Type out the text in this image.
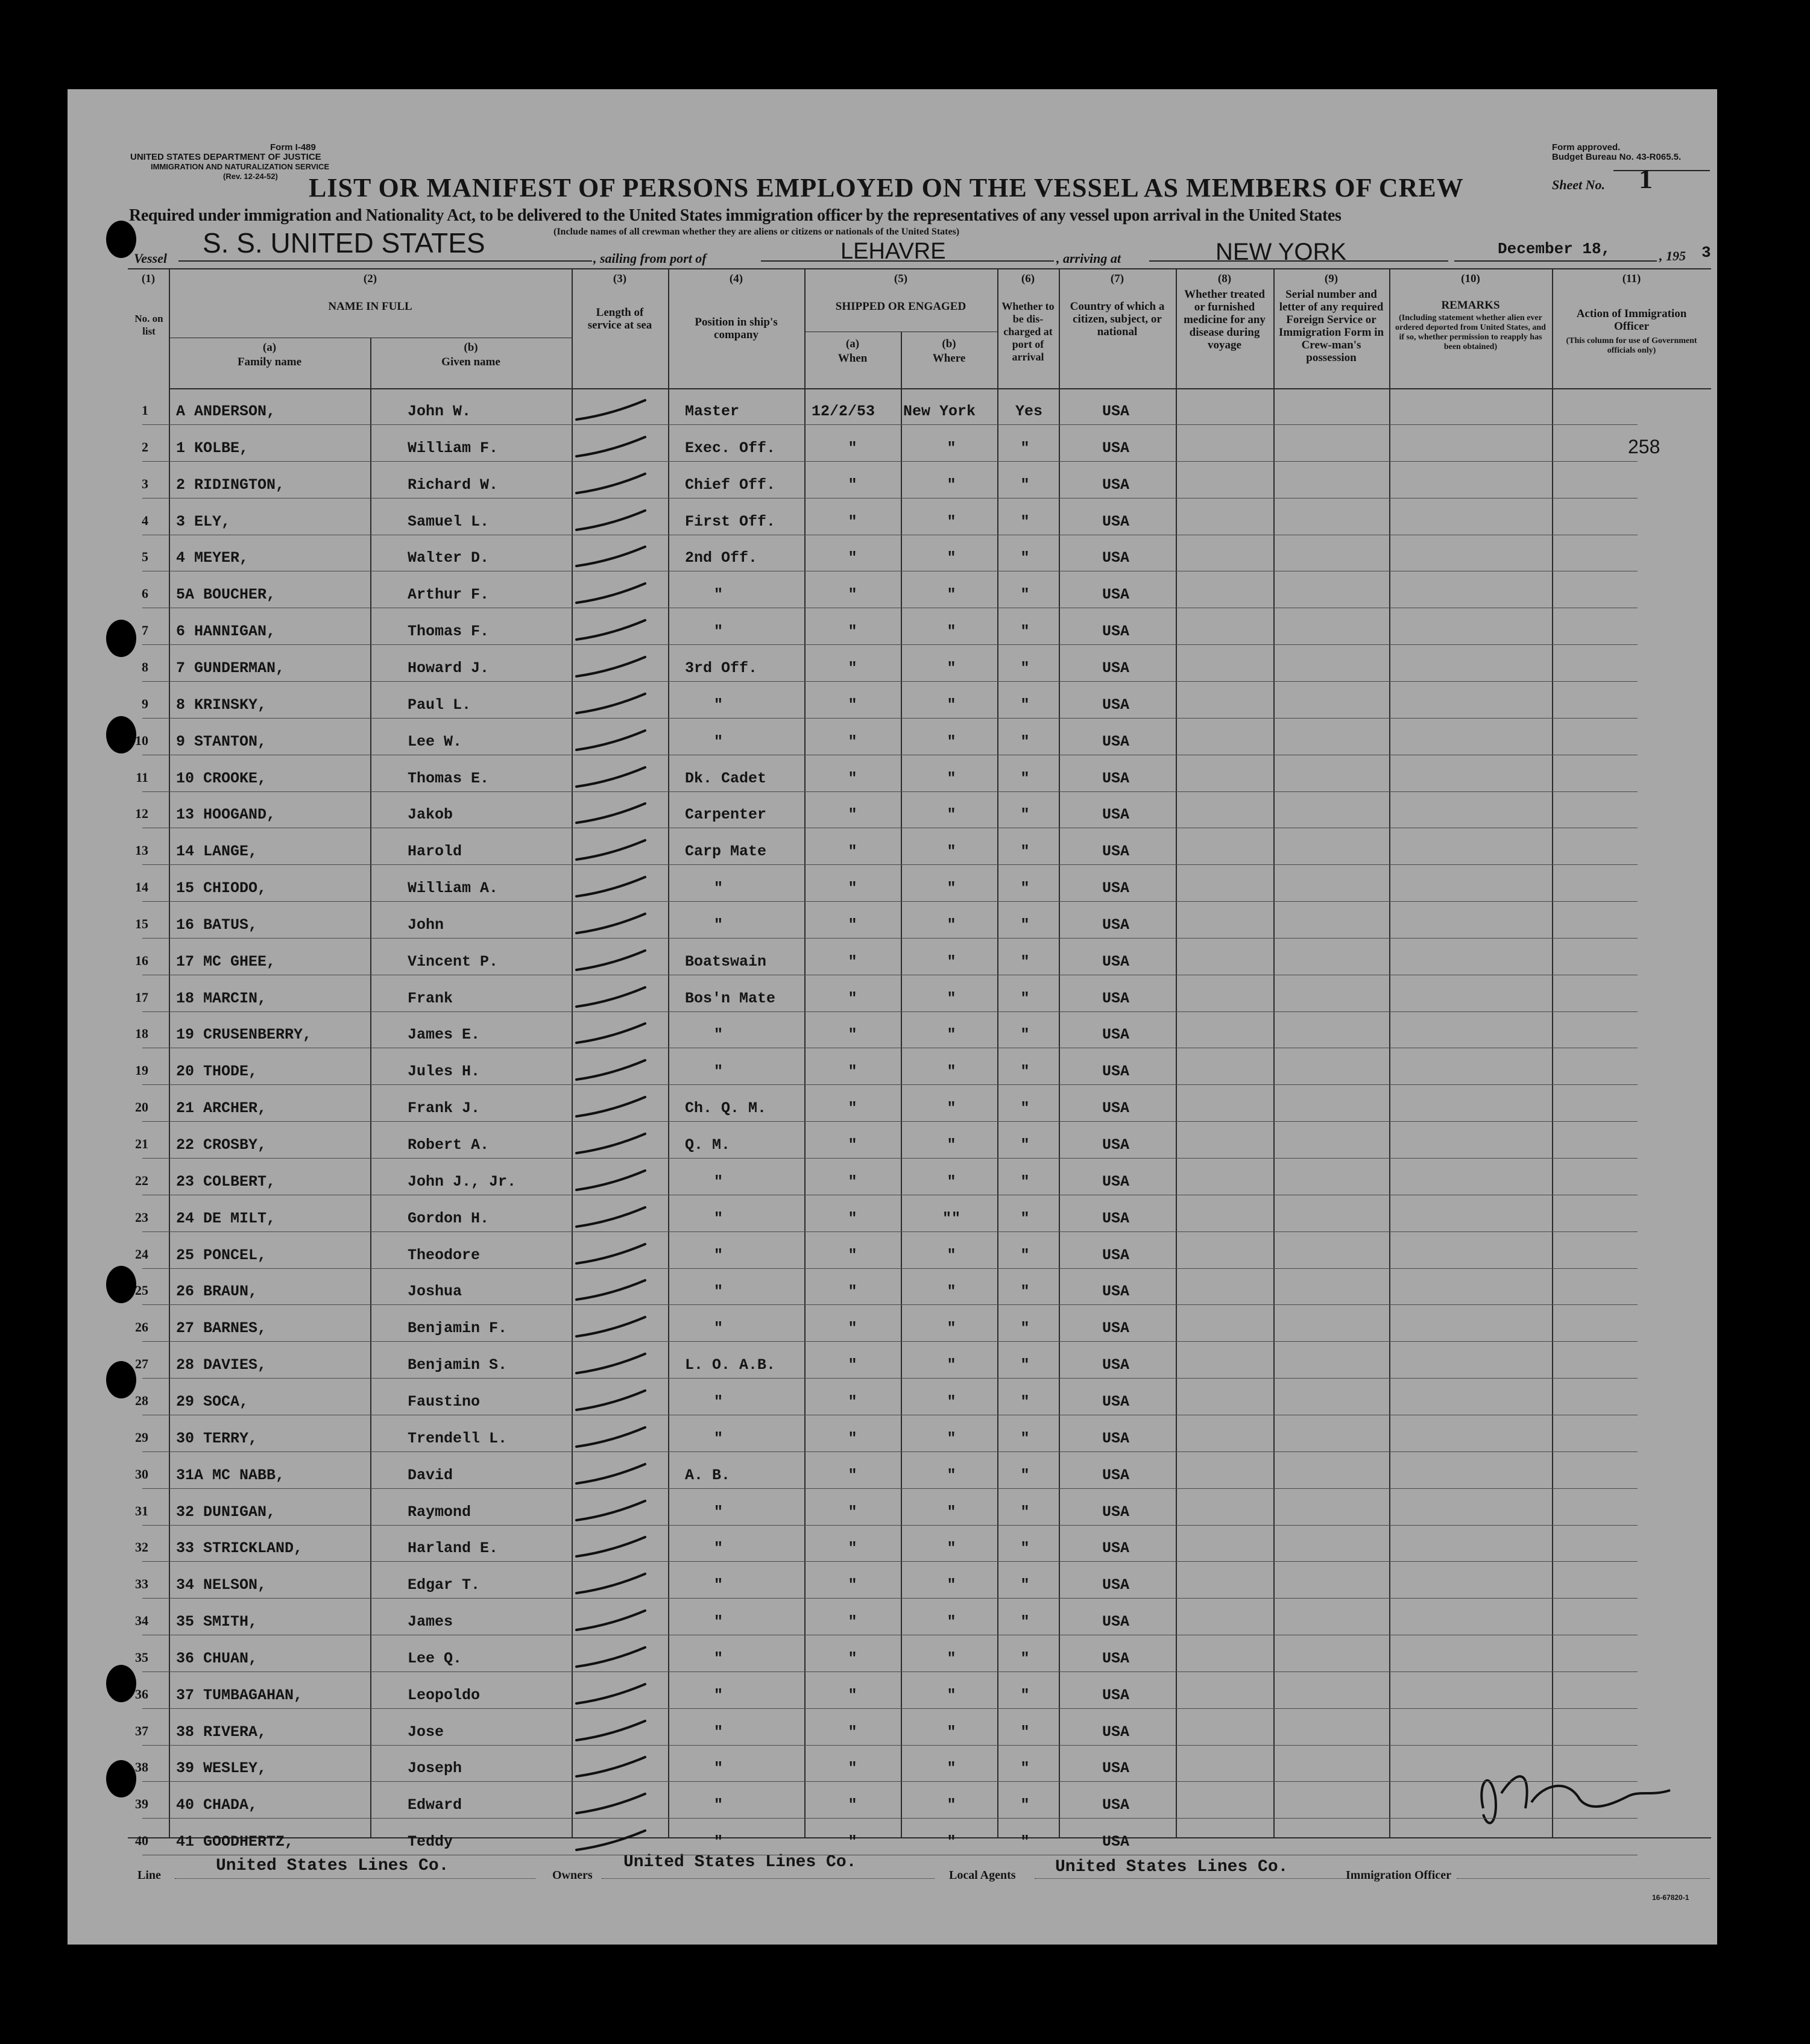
Form I-489
UNITED STATES DEPARTMENT OF JUSTICE
IMMIGRATION AND NATURALIZATION SERVICE
(Rev. 12-24-52)
Form approved.
Budget Bureau No. 43-R065.5.
Sheet No. 1
LIST OR MANIFEST OF PERSONS EMPLOYED ON THE VESSEL AS MEMBERS OF CREW
Required under immigration and Nationality Act, to be delivered to the United States immigration officer by the representatives of any vessel upon arrival in the United States
(Include names of all crewman whether they are aliens or citizens or nationals of the United States)
Vessel S. S. UNITED STATES	, sailing from port of	LEHAVRE	, arriving at	NEW YORK	December 18,	, 195 3
(1)	(2)	(3)	(4)	(5)	(6)	(7)	(8)	(9)	(10)	(11)
No. on list
NAME IN FULL
(a)
Family name
(b)
Given name
Length of service at sea	Position in ship's company
SHIPPED OR ENGAGED
(a)
When
(b)
Where
Whether to be dis-charged at port of arrival
Country of which a citizen, subject, or national
Whether treated or furnished medicine for any disease during voyage
Serial number and letter of any required Foreign Service or Immigration Form in Crew-man's possession
REMARKS
(Including statement whether alien ever ordered deported from United States, and if so, whether permission to reapply has been obtained)
Action of Immigration Officer
(This column for use of Government officials only)
1 A ANDERSON,	John W.	Master	12/2/53 New York	Yes	USA
2 1 KOLBE,	William F.	Exec. Off.	"	"	"	USA	258
3 2 RIDINGTON,	Richard W.	Chief Off.	"	"	"	USA
4 3 ELY,	Samuel L.	First Off.	"	"	"	USA
5 4 MEYER,	Walter D.	2nd Off.	"	"	"	USA
6 5A BOUCHER,	Arthur F.	"	"	"	"	USA
7 6 HANNIGAN,	Thomas F.	"	"	"	"	USA
8 7 GUNDERMAN,	Howard J.	3rd Off.	"	"	"	USA
9 8 KRINSKY,	Paul L.	"	"	"	"	USA
10 9 STANTON,	Lee W.	"	"	"	"	USA
11 10 CROOKE,	Thomas E.	Dk. Cadet	"	"	"	USA
12 13 HOOGAND,	Jakob	Carpenter	"	"	"	USA
13 14 LANGE,	Harold	Carp Mate	"	"	"	USA
14 15 CHIODO,	William A.	"	"	"	"	USA
15 16 BATUS,	John	"	"	"	"	USA
16 17 MC GHEE,	Vincent P.	Boatswain	"	"	"	USA
17 18 MARCIN,	Frank	Bos'n Mate	"	"	"	USA
18 19 CRUSENBERRY,	James E.	"	"	"	"	USA
19 20 THODE,	Jules H.	"	"	"	"	USA
20 21 ARCHER,	Frank J.	Ch. Q. M.	"	"	"	USA
21 22 CROSBY,	Robert A.	Q. M.	"	"	"	USA
22 23 COLBERT,	John J., Jr.	"	"	"	"	USA
23 24 DE MILT,	Gordon H.	"	"	""	"	USA
24 25 PONCEL,	Theodore	"	"	"	"	USA
25 26 BRAUN,	Joshua	"	"	"	"	USA
26 27 BARNES,	Benjamin F.	"	"	"	"	USA
27 28 DAVIES,	Benjamin S.	L. O. A.B.	"	"	"	USA
28 29 SOCA,	Faustino	"	"	"	"	USA
29 30 TERRY,	Trendell L.	"	"	"	"	USA
30 31A MC NABB,	David	A. B.	"	"	"	USA
31 32 DUNIGAN,	Raymond	"	"	"	"	USA
32 33 STRICKLAND,	Harland E.	"	"	"	"	USA
33 34 NELSON,	Edgar T.	"	"	"	"	USA
34 35 SMITH,	James	"	"	"	"	USA
35 36 CHUAN,	Lee Q.	"	"	"	"	USA
36 37 TUMBAGAHAN,	Leopoldo	"	"	"	"	USA
37 38 RIVERA,	Jose	"	"	"	"	USA
38 39 WESLEY,	Joseph	"	"	"	"	USA
39 40 CHADA,	Edward	"	"	"	"	USA
40 41 GOODHERTZ,	Teddy	"	"	"	"	USA
Line	United States Lines Co.	Owners
United States Lines Co.
Local Agents United States Lines Co.	Immigration Officer
16-67820-1
